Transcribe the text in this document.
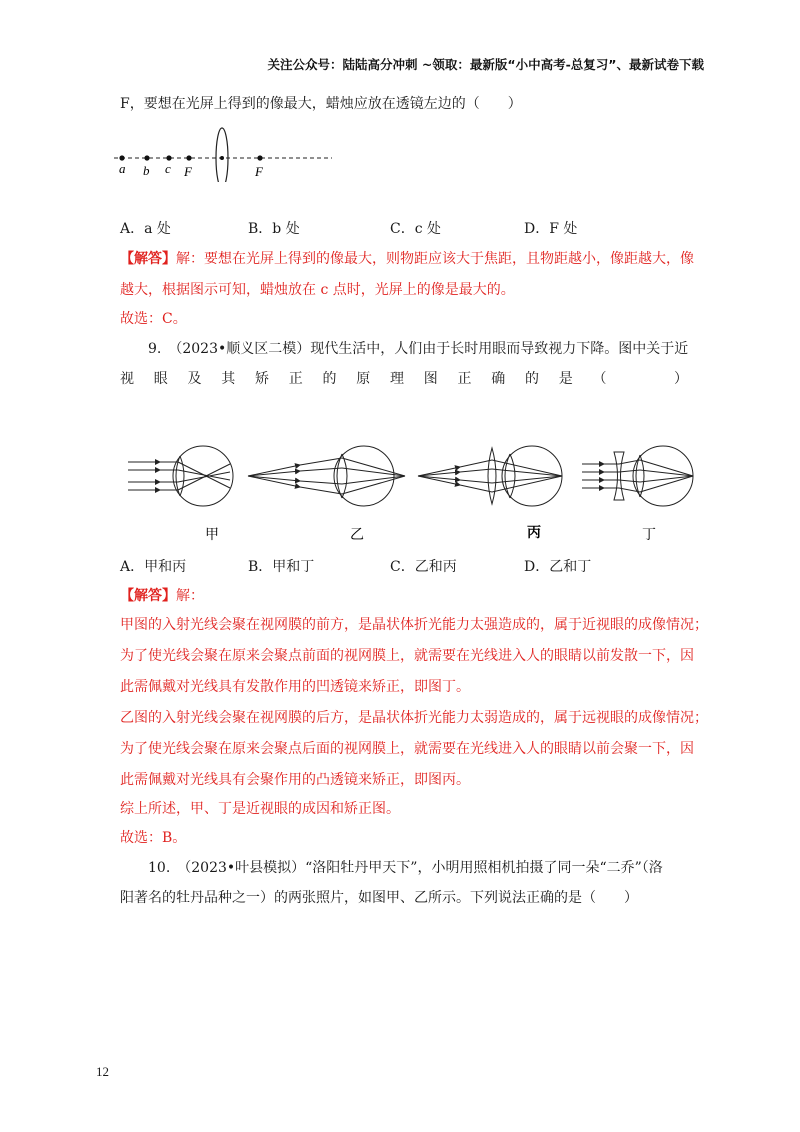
关注公众号：陆陆高分冲刺 ~领取：最新版“小中高考-总复习”、最新试卷下载
F，要想在光屏上得到的像最大，蜡烛应放在透镜左边的（　　）
a b c F	F
A．a 处	B．b 处	C．c 处	D．F 处
【解答】解：要想在光屏上得到的像最大，则物距应该大于焦距，且物距越小，像距越大，像
越大，根据图示可知，蜡烛放在 c 点时，光屏上的像是最大的。
故选：C。
9.　（2023•顺义区二模）现代生活中，人们由于长时用眼而导致视力下降。图中关于近
视 眼 及 其 矫 正 的 原 理 图 正 确 的 是 （
　　	）
甲	乙	丙	丁
A．甲和丙	B．甲和丁	C．乙和丙	D．乙和丁
【解答】解：
甲图的入射光线会聚在视网膜的前方，是晶状体折光能力太强造成的，属于近视眼的成像情况；
为了使光线会聚在原来会聚点前面的视网膜上，就需要在光线进入人的眼睛以前发散一下，因
此需佩戴对光线具有发散作用的凹透镜来矫正，即图丁。
乙图的入射光线会聚在视网膜的后方，是晶状体折光能力太弱造成的，属于远视眼的成像情况；
为了使光线会聚在原来会聚点后面的视网膜上，就需要在光线进入人的眼睛以前会聚一下，因
此需佩戴对光线具有会聚作用的凸透镜来矫正，即图丙。
综上所述，甲、丁是近视眼的成因和矫正图。
故选：B。
10.　（2023•叶县模拟）“洛阳牡丹甲天下”，小明用照相机拍摄了同一朵“二乔”（洛
阳著名的牡丹品种之一）的两张照片，如图甲、乙所示。下列说法正确的是（　　）
12
